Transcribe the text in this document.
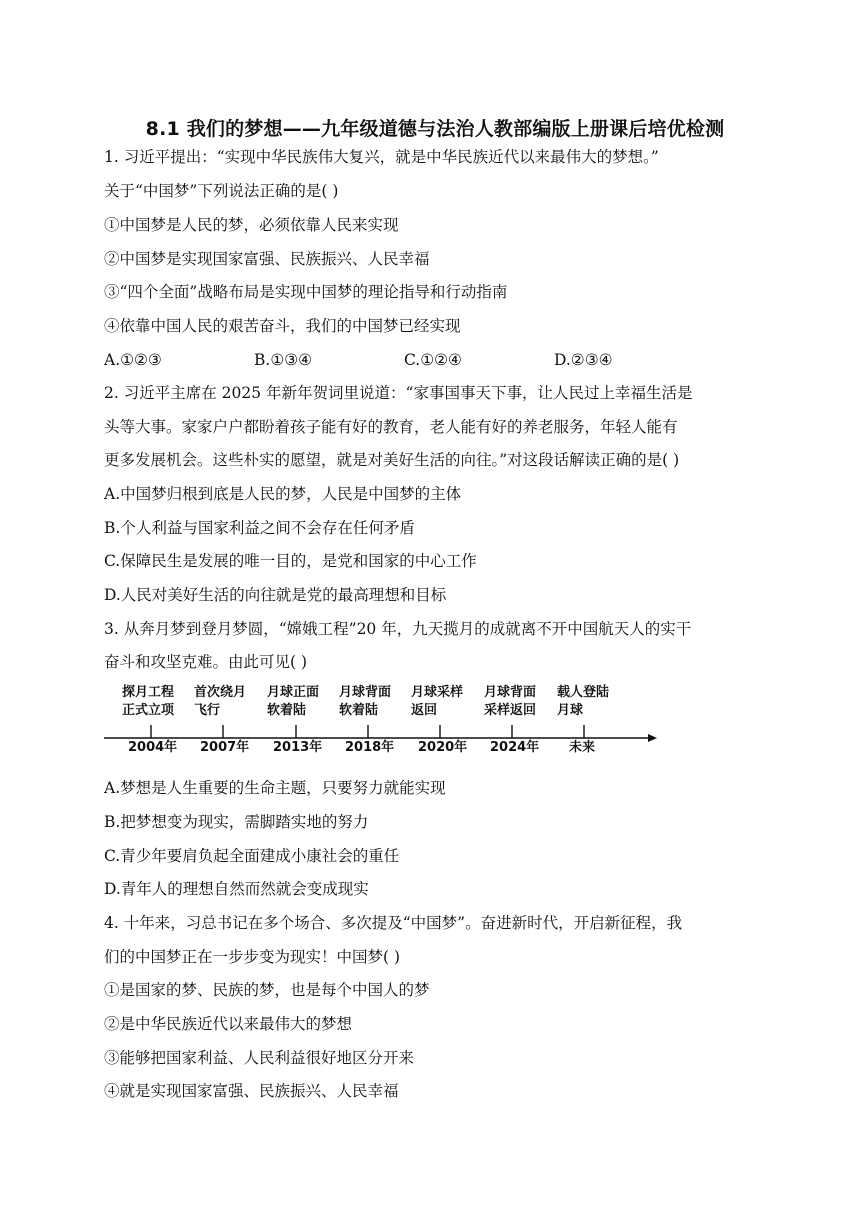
8.1 我们的梦想——九年级道德与法治人教部编版上册课后培优检测
1. 习近平提出：“实现中华民族伟大复兴，就是中华民族近代以来最伟大的梦想。”
关于“中国梦”下列说法正确的是( )
①中国梦是人民的梦，必须依靠人民来实现
②中国梦是实现国家富强、民族振兴、人民幸福
③“四个全面”战略布局是实现中国梦的理论指导和行动指南
④依靠中国人民的艰苦奋斗，我们的中国梦已经实现
A.①②③	B.①③④	C.①②④	D.②③④
2. 习近平主席在 2025 年新年贺词里说道：“家事国事天下事，让人民过上幸福生活是
头等大事。家家户户都盼着孩子能有好的教育，老人能有好的养老服务，年轻人能有
更多发展机会。这些朴实的愿望，就是对美好生活的向往。”对这段话解读正确的是( )
A.中国梦归根到底是人民的梦，人民是中国梦的主体
B.个人利益与国家利益之间不会存在任何矛盾
C.保障民生是发展的唯一目的，是党和国家的中心工作
D.人民对美好生活的向往就是党的最高理想和目标
3. 从奔月梦到登月梦圆，“嫦娥工程”20 年，九天揽月的成就离不开中国航天人的实干
奋斗和攻坚克难。由此可见( )
探月工程
正式立项
首次绕月
飞行
月球正面
软着陆
月球背面
软着陆
月球采样
返回
月球背面
采样返回
载人登陆
月球
2004年 2007年 2013年 2018年 2020年 2024年 未来
A.梦想是人生重要的生命主题，只要努力就能实现
B.把梦想变为现实，需脚踏实地的努力
C.青少年要肩负起全面建成小康社会的重任
D.青年人的理想自然而然就会变成现实
4. 十年来，习总书记在多个场合、多次提及“中国梦”。奋进新时代，开启新征程，我
们的中国梦正在一步步变为现实！中国梦( )
①是国家的梦、民族的梦，也是每个中国人的梦
②是中华民族近代以来最伟大的梦想
③能够把国家利益、人民利益很好地区分开来
④就是实现国家富强、民族振兴、人民幸福
